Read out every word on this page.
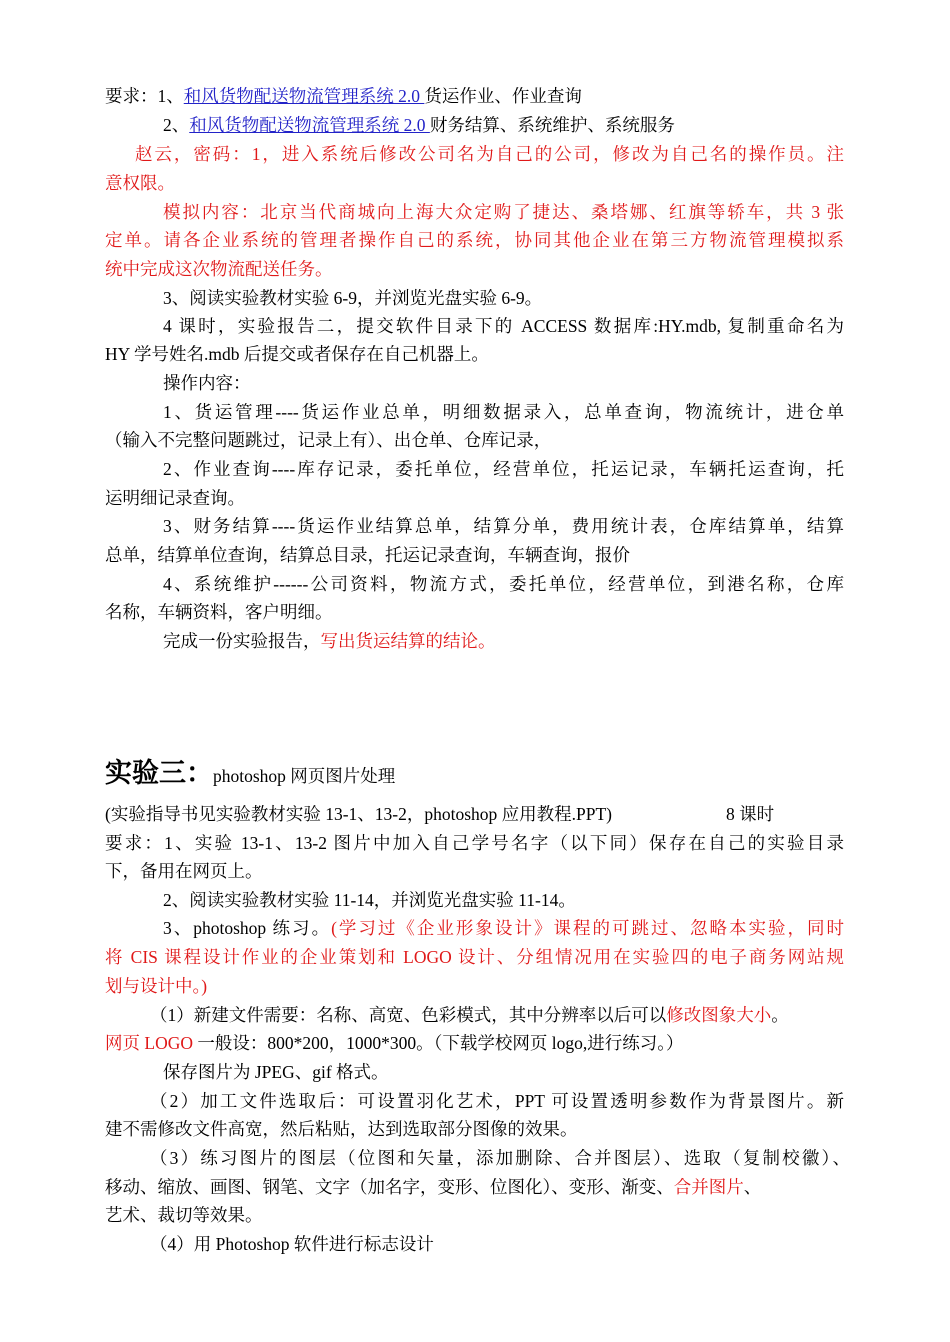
要求：1、和风货物配送物流管理系统 2.0 货运作业、作业查询
2、和风货物配送物流管理系统 2.0 财务结算、系统维护、系统服务
赵云，密码：1，进入系统后修改公司名为自己的公司，修改为自己名的操作员。注
意权限。
模拟内容：北京当代商城向上海大众定购了捷达、桑塔娜、红旗等轿车，共 3 张
定单。请各企业系统的管理者操作自己的系统，协同其他企业在第三方物流管理模拟系
统中完成这次物流配送任务。
3、阅读实验教材实验 6-9，并浏览光盘实验 6-9。
4 课时，实验报告二，提交软件目录下的 ACCESS 数据库:HY.mdb, 复制重命名为
HY 学号姓名.mdb 后提交或者保存在自己机器上。
操作内容：
1、货运管理----货运作业总单，明细数据录入，总单查询，物流统计，进仓单
（输入不完整问题跳过，记录上有）、出仓单、仓库记录，
2、作业查询----库存记录，委托单位，经营单位，托运记录，车辆托运查询，托
运明细记录查询。
3、财务结算----货运作业结算总单，结算分单，费用统计表，仓库结算单，结算
总单，结算单位查询，结算总目录，托运记录查询，车辆查询，报价
4、系统维护------公司资料，物流方式，委托单位，经营单位，到港名称，仓库
名称，车辆资料，客户明细。
完成一份实验报告，写出货运结算的结论。
实验三：photoshop 网页图片处理
(实验指导书见实验教材实验 13-1、13-2，photoshop 应用教程.PPT)	8 课时
要求：1、实验 13-1、13-2 图片中加入自己学号名字（以下同）保存在自己的实验目录
下，备用在网页上。
2、阅读实验教材实验 11-14，并浏览光盘实验 11-14。
3、photoshop 练习。(学习过《企业形象设计》课程的可跳过、忽略本实验，同时
将 CIS 课程设计作业的企业策划和 LOGO 设计、分组情况用在实验四的电子商务网站规
划与设计中。)
（1）新建文件需要：名称、高宽、色彩模式，其中分辨率以后可以修改图象大小。
网页 LOGO 一般设：800*200，1000*300。（下载学校网页 logo,进行练习。）
保存图片为 JPEG、gif 格式。
（2）加工文件选取后：可设置羽化艺术，PPT 可设置透明参数作为背景图片。新
建不需修改文件高宽，然后粘贴，达到选取部分图像的效果。
（3）练习图片的图层（位图和矢量，添加删除、合并图层）、选取（复制校徽）、
移动、缩放、画图、钢笔、文字（加名字，变形、位图化）、变形、渐变、合并图片、
艺术、裁切等效果。
（4）用 Photoshop 软件进行标志设计
